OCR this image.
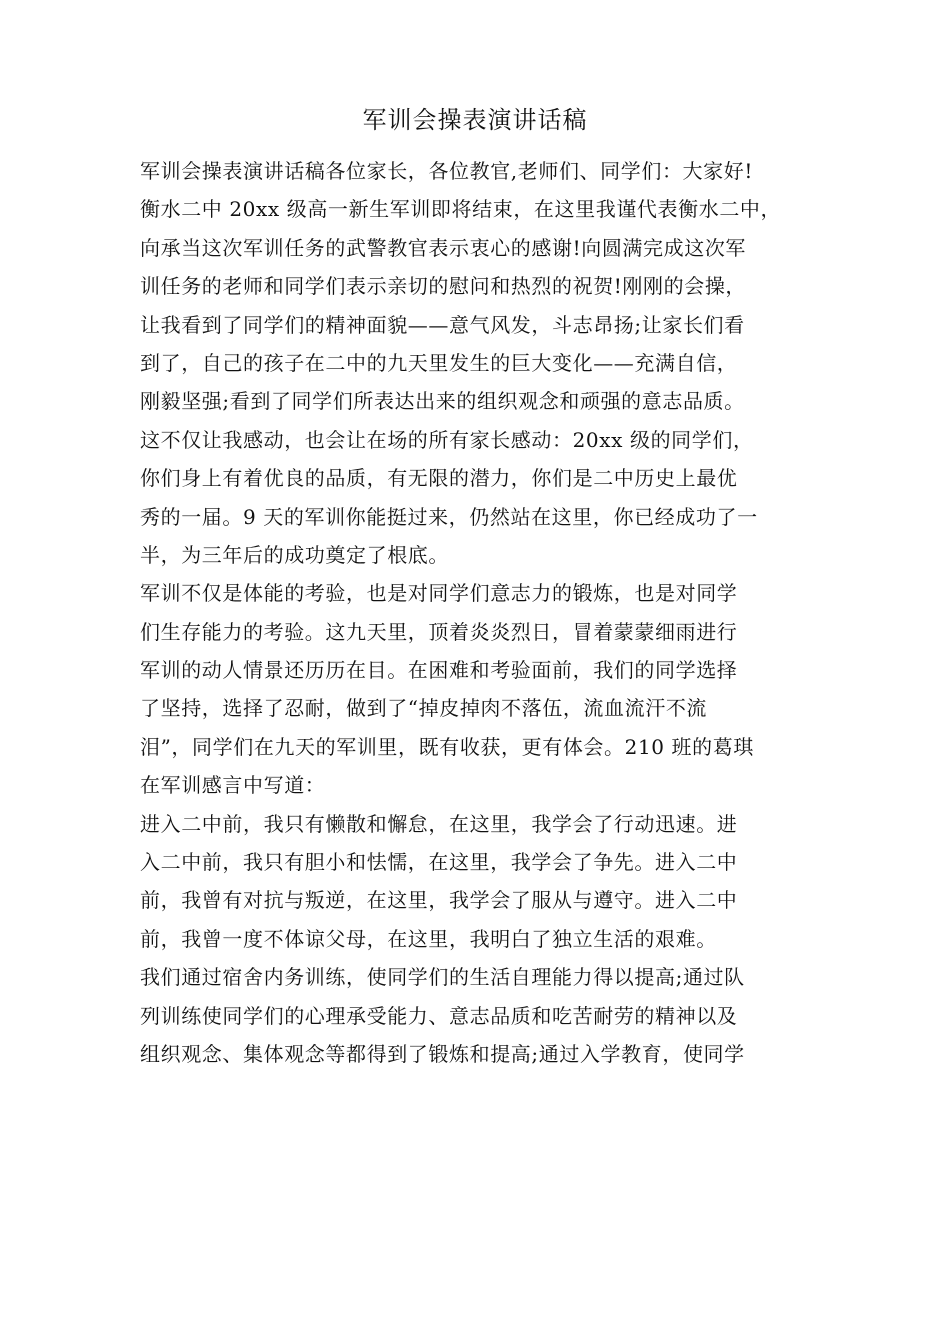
军训会操表演讲话稿
军训会操表演讲话稿各位家长，各位教官,老师们、同学们：大家好!
衡水二中 20xx 级高一新生军训即将结束，在这里我谨代表衡水二中，
向承当这次军训任务的武警教官表示衷心的感谢!向圆满完成这次军
训任务的老师和同学们表示亲切的慰问和热烈的祝贺!刚刚的会操，
让我看到了同学们的精神面貌——意气风发，斗志昂扬;让家长们看
到了，自己的孩子在二中的九天里发生的巨大变化——充满自信，
刚毅坚强;看到了同学们所表达出来的组织观念和顽强的意志品质。
这不仅让我感动，也会让在场的所有家长感动：20xx 级的同学们，
你们身上有着优良的品质，有无限的潜力，你们是二中历史上最优
秀的一届。9 天的军训你能挺过来，仍然站在这里，你已经成功了一
半，为三年后的成功奠定了根底。
军训不仅是体能的考验，也是对同学们意志力的锻炼，也是对同学
们生存能力的考验。这九天里，顶着炎炎烈日，冒着蒙蒙细雨进行
军训的动人情景还历历在目。在困难和考验面前，我们的同学选择
了坚持，选择了忍耐，做到了“掉皮掉肉不落伍，流血流汗不流
泪”，同学们在九天的军训里，既有收获，更有体会。210 班的葛琪
在军训感言中写道：
进入二中前，我只有懒散和懈怠，在这里，我学会了行动迅速。进
入二中前，我只有胆小和怯懦，在这里，我学会了争先。进入二中
前，我曾有对抗与叛逆，在这里，我学会了服从与遵守。进入二中
前，我曾一度不体谅父母，在这里，我明白了独立生活的艰难。
我们通过宿舍内务训练，使同学们的生活自理能力得以提高;通过队
列训练使同学们的心理承受能力、意志品质和吃苦耐劳的精神以及
组织观念、集体观念等都得到了锻炼和提高;通过入学教育，使同学
